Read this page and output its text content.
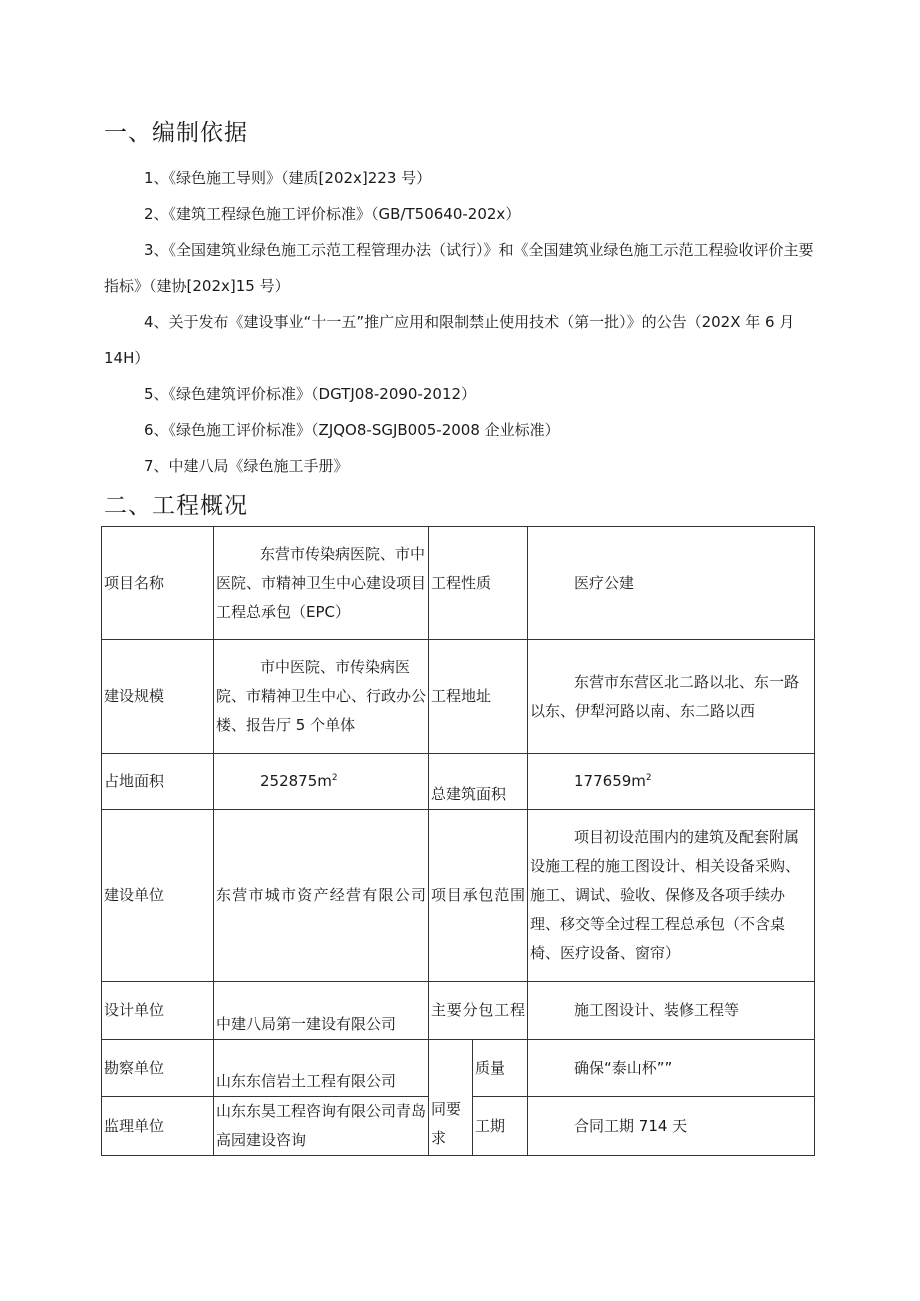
一、编制依据
1、《绿色施工导则》（建质[202x]223 号）
2、《建筑工程绿色施工评价标准》（GB/T50640-202x）
3、《全国建筑业绿色施工示范工程管理办法（试行）》和《全国建筑业绿色施工示范工程验收评价主要指标》（建协[202x]15 号）
4、关于发布《建设事业“十一五”推广应用和限制禁止使用技术（第一批）》的公告（202X 年 6 月 14H）
5、《绿色建筑评价标准》（DGTJ08-2090-2012）
6、《绿色施工评价标准》（ZJQO8-SGJB005-2008 企业标准）
7、中建八局《绿色施工手册》
二、工程概况
项目名称	东营市传染病医院、市中医院、市精神卫生中心建设项目工程总承包（EPC）	工程性质		医疗公建
建设规模	市中医院、市传染病医院、市精神卫生中心、行政办公楼、报告厅 5 个单体	工程地址		东营市东营区北二路以北、东一路以东、伊犁河路以南、东二路以西
占地面积	$252875m^2$	总建筑面积		$177659m^2$
建设单位	东营市城市资产经营有限公司	项目承包范围		项目初设范围内的建筑及配套附属设施工程的施工图设计、相关设备采购、施工、调试、验收、保修及各项手续办理、移交等全过程工程总承包（不含桌椅、医疗设备、窗帘）
设计单位	中建八局第一建设有限公司	主要分包工程		施工图设计、装修工程等
勘察单位	山东东信岩土工程有限公司	同要求	质量	确保“泰山杯””
监理单位	山东东昊工程咨询有限公司青岛高园建设咨询		工期	合同工期 714 天
